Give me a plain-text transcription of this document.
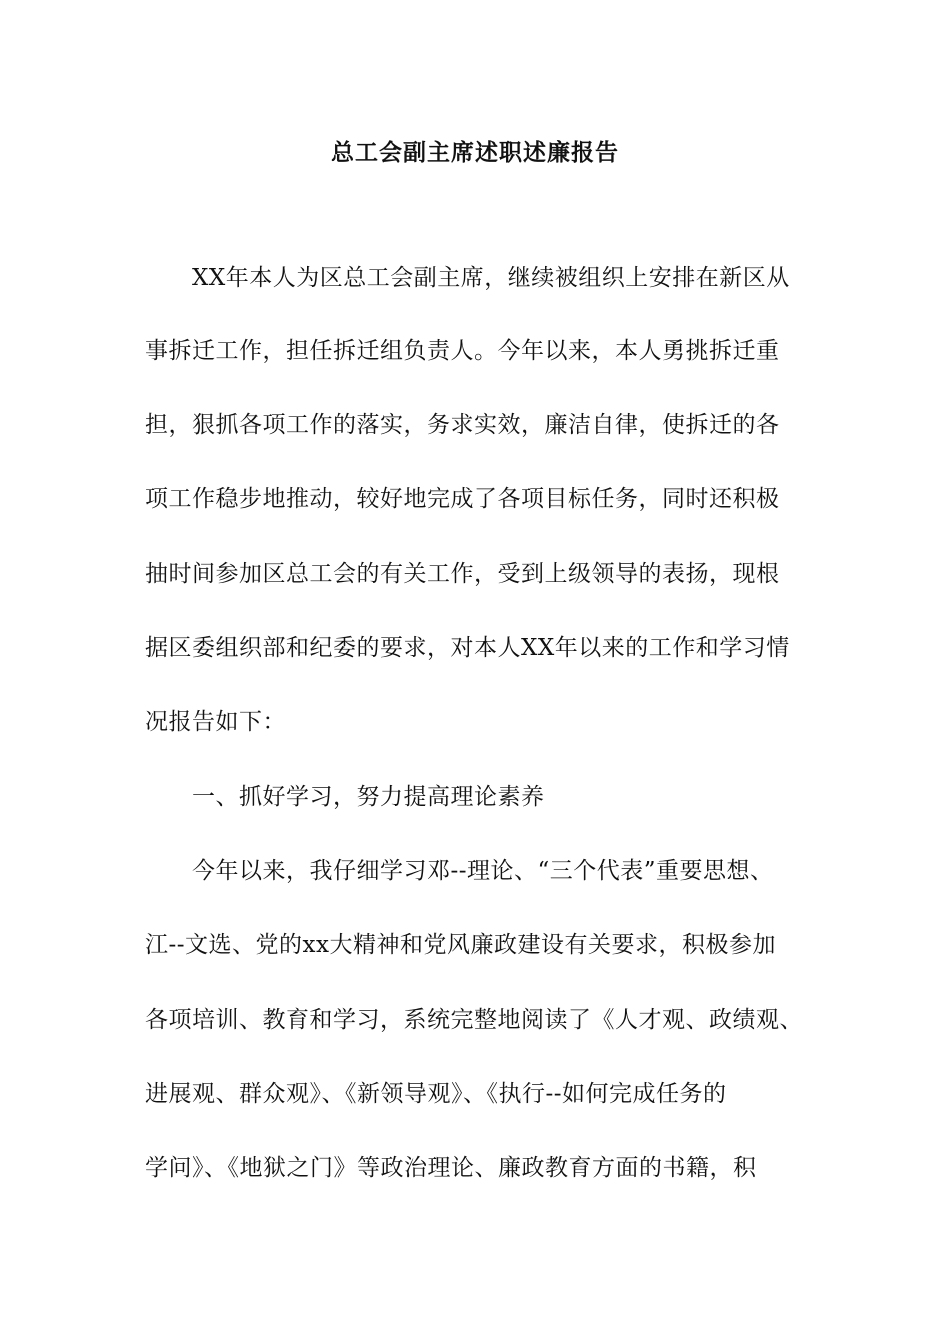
总工会副主席述职述廉报告
XX年本人为区总工会副主席，继续被组织上安排在新区从
事拆迁工作，担任拆迁组负责人。今年以来，本人勇挑拆迁重
担，狠抓各项工作的落实，务求实效，廉洁自律，使拆迁的各
项工作稳步地推动，较好地完成了各项目标任务，同时还积极
抽时间参加区总工会的有关工作，受到上级领导的表扬，现根
据区委组织部和纪委的要求，对本人XX年以来的工作和学习情
况报告如下：
一、抓好学习，努力提高理论素养
今年以来，我仔细学习邓--理论、“三个代表”重要思想、
江--文选、党的xx大精神和党风廉政建设有关要求，积极参加
各项培训、教育和学习，系统完整地阅读了《人才观、政绩观、
进展观、群众观》、《新领导观》、《执行--如何完成任务的
学问》、《地狱之门》等政治理论、廉政教育方面的书籍，积
